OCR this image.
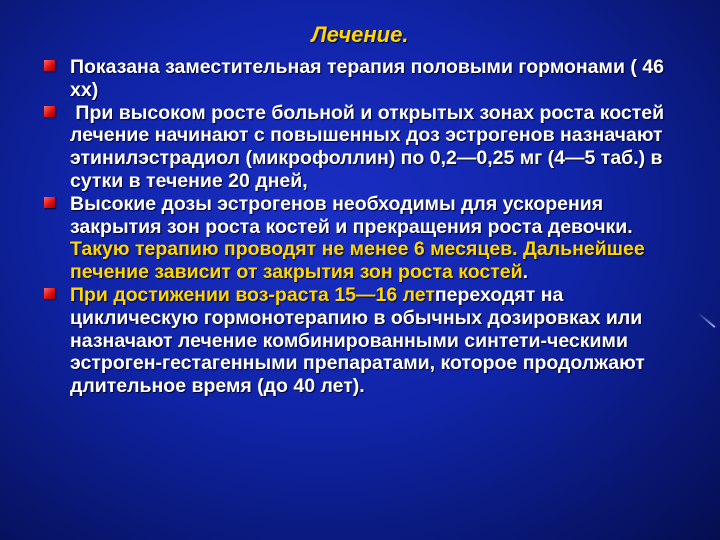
Лечение.
Показана заместительная терапия половыми гормонами ( 46 хх)
При высоком росте больной и открытых зонах роста костей лечение начинают с повышенных доз эстрогенов назначают этинилэстрадиол (микрофоллин) по 0,2—0,25 мг (4—5 таб.) в сутки в течение 20 дней,
Высокие дозы эстрогенов необходимы для ускорения закрытия зон роста костей и прекращения роста девочки. Такую терапию проводят не менее 6 месяцев. Дальнейшее печение зависит от закрытия зон роста костей.
При достижении воз-раста 15—16 летпереходят на циклическую гормонотерапию в обычных дозировках или назначают лечение комбинированными синтети-ческими эстроген-гестагенными препаратами, которое продолжают длительное время (до 40 лет).
